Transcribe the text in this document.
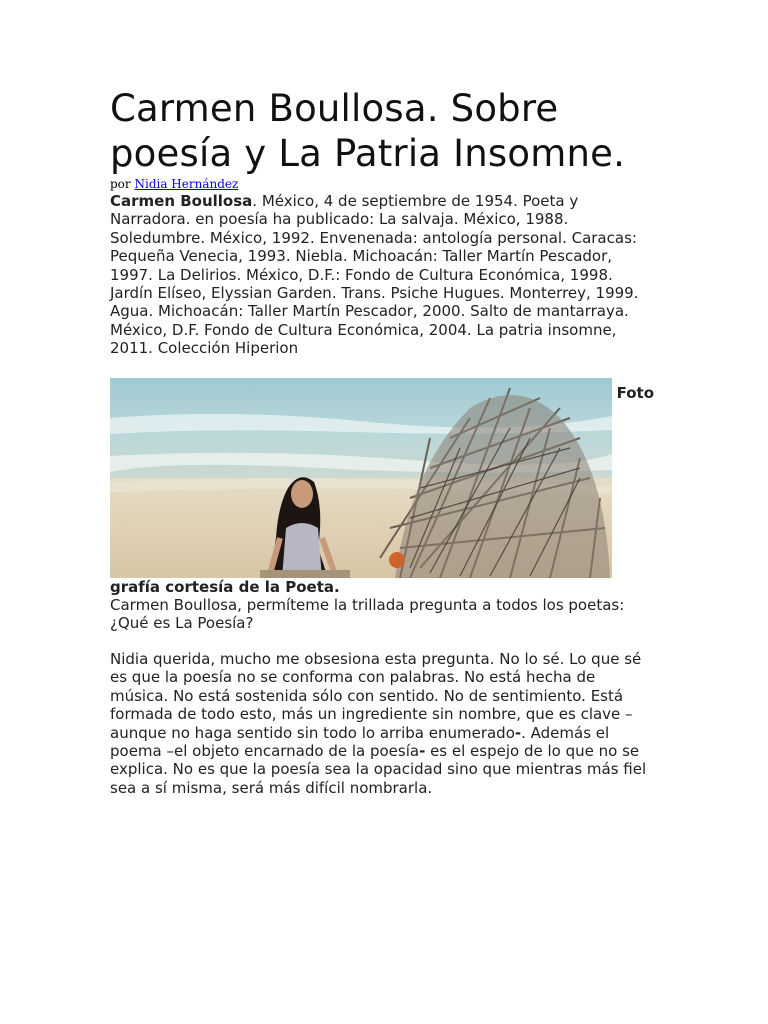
Carmen Boullosa. Sobre poesía y La Patria Insomne.
por Nidia Hernández

Carmen Boullosa. México, 4 de septiembre de 1954. Poeta y Narradora. en poesía ha publicado: La salvaja. México, 1988. Soledumbre. México, 1992. Envenenada: antología personal. Caracas: Pequeña Venecia, 1993. Niebla. Michoacán: Taller Martín Pescador, 1997. La Delirios. México, D.F.: Fondo de Cultura Económica, 1998. Jardín Elíseo, Elyssian Garden. Trans. Psiche Hugues. Monterrey, 1999. Agua. Michoacán: Taller Martín Pescador, 2000. Salto de mantarraya. México, D.F. Fondo de Cultura Económica, 2004. La patria insomne, 2011. Colección Hiperion

Foto
grafía cortesía de la Poeta.

Carmen Boullosa, permíteme la trillada pregunta a todos los poetas: ¿Qué es La Poesía?

Nidia querida, mucho me obsesiona esta pregunta. No lo sé. Lo que sé es que la poesía no se conforma con palabras. No está hecha de música. No está sostenida sólo con sentido. No de sentimiento. Está formada de todo esto, más un ingrediente sin nombre, que es clave –aunque no haga sentido sin todo lo arriba enumerado-. Además el poema –el objeto encarnado de la poesía- es el espejo de lo que no se explica. No es que la poesía sea la opacidad sino que mientras más fiel sea a sí misma, será más difícil nombrarla.
